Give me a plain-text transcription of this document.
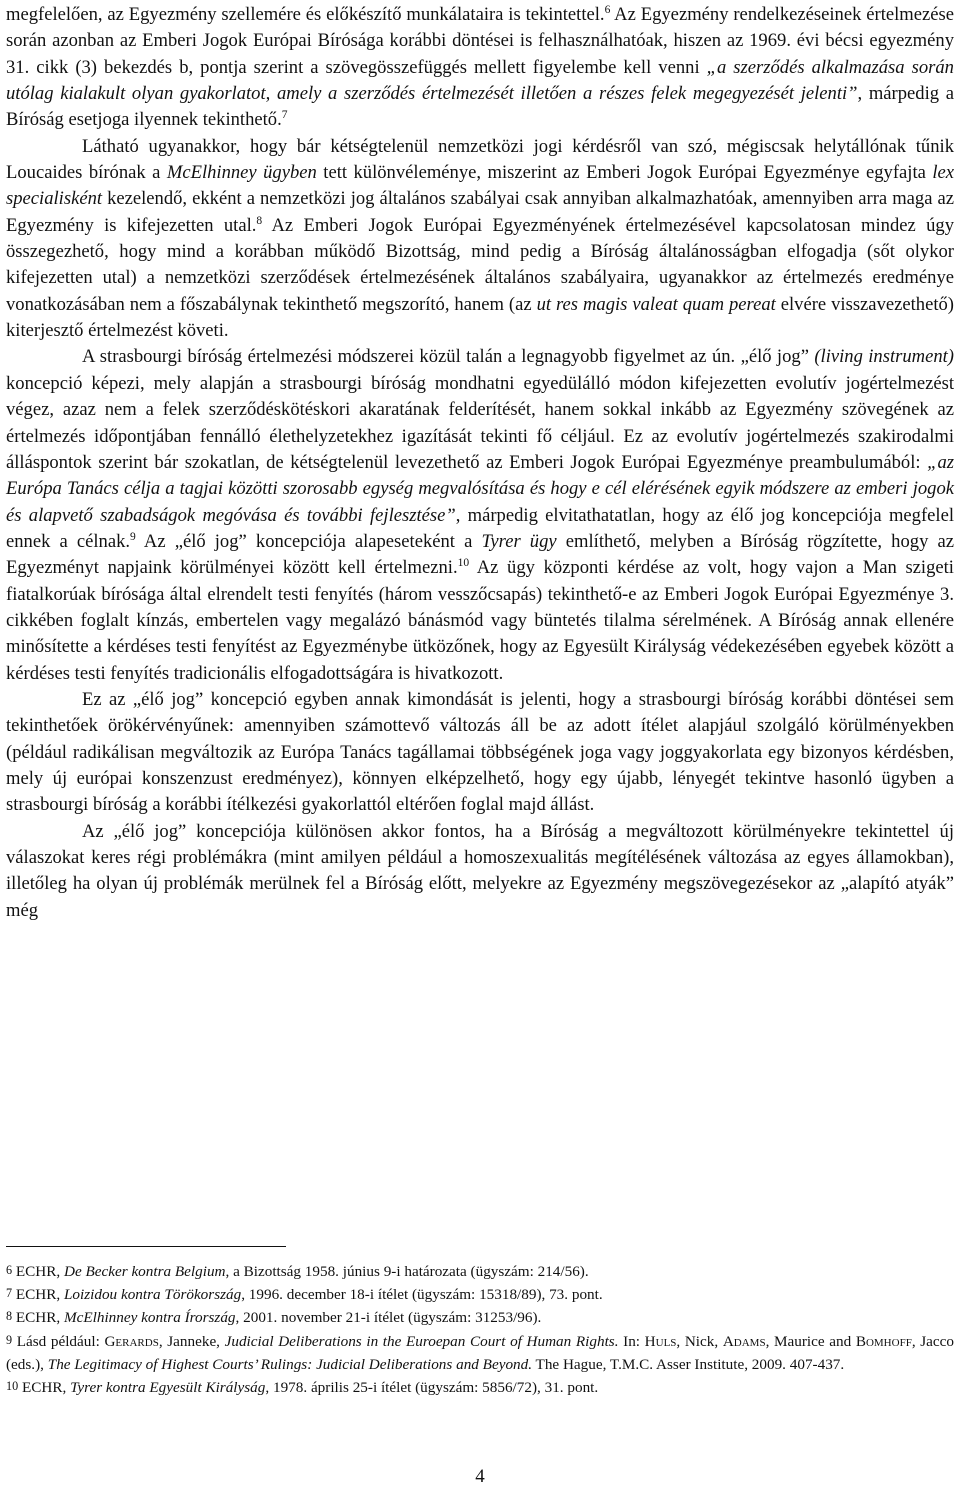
megfelelően, az Egyezmény szellemére és előkészítő munkálataira is tekintettel.$^6$ Az Egyezmény rendelkezéseinek értelmezése során azonban az Emberi Jogok Európai Bírósága korábbi döntései is felhasználhatóak, hiszen az 1969. évi bécsi egyezmény 31. cikk (3) bekezdés b, pontja szerint a szövegösszefüggés mellett figyelembe kell venni „a szerződés alkalmazása során utólag kialakult olyan gyakorlatot, amely a szerződés értelmezését illetően a részes felek megegyezését jelenti”, márpedig a Bíróság esetjoga ilyennek tekinthető.$^7$

Látható ugyanakkor, hogy bár kétségtelenül nemzetközi jogi kérdésről van szó, mégiscsak helytállónak tűnik Loucaides bírónak a McElhinney ügyben tett különvéleménye, miszerint az Emberi Jogok Európai Egyezménye egyfajta lex specialisként kezelendő, ekként a nemzetközi jog általános szabályai csak annyiban alkalmazhatóak, amennyiben arra maga az Egyezmény is kifejezetten utal.$^8$ Az Emberi Jogok Európai Egyezményének értelmezésével kapcsolatosan mindez úgy összegezhető, hogy mind a korábban működő Bizottság, mind pedig a Bíróság általánosságban elfogadja (sőt olykor kifejezetten utal) a nemzetközi szerződések értelmezésének általános szabályaira, ugyanakkor az értelmezés eredménye vonatkozásában nem a főszabálynak tekinthető megszorító, hanem (az ut res magis valeat quam pereat elvére visszavezethető) kiterjesztő értelmezést követi.

A strasbourgi bíróság értelmezési módszerei közül talán a legnagyobb figyelmet az ún. „élő jog” (living instrument) koncepció képezi, mely alapján a strasbourgi bíróság mondhatni egyedülálló módon kifejezetten evolutív jogértelmezést végez, azaz nem a felek szerződéskötéskori akaratának felderítését, hanem sokkal inkább az Egyezmény szövegének az értelmezés időpontjában fennálló élethelyzetekhez igazítását tekinti fő céljául. Ez az evolutív jogértelmezés szakirodalmi álláspontok szerint bár szokatlan, de kétségtelenül levezethető az Emberi Jogok Európai Egyezménye preambulumából: „az Európa Tanács célja a tagjai közötti szorosabb egység megvalósítása és hogy e cél elérésének egyik módszere az emberi jogok és alapvető szabadságok megóvása és további fejlesztése”, márpedig elvitathatatlan, hogy az élő jog koncepciója megfelel ennek a célnak.$^9$ Az „élő jog” koncepciója alapeseteként a Tyrer ügy említhető, melyben a Bíróság rögzítette, hogy az Egyezményt napjaink körülményei között kell értelmezni.$^{10}$ Az ügy központi kérdése az volt, hogy vajon a Man szigeti fiatalkorúak bírósága által elrendelt testi fenyítés (három vesszőcsapás) tekinthető-e az Emberi Jogok Európai Egyezménye 3. cikkében foglalt kínzás, embertelen vagy megalázó bánásmód vagy büntetés tilalma sérelmének. A Bíróság annak ellenére minősítette a kérdéses testi fenyítést az Egyezménybe ütközőnek, hogy az Egyesült Királyság védekezésében egyebek között a kérdéses testi fenyítés tradicionális elfogadottságára is hivatkozott.

Ez az „élő jog” koncepció egyben annak kimondását is jelenti, hogy a strasbourgi bíróság korábbi döntései sem tekinthetőek örökérvényűnek: amennyiben számottevő változás áll be az adott ítélet alapjául szolgáló körülményekben (például radikálisan megváltozik az Európa Tanács tagállamai többségének joga vagy joggyakorlata egy bizonyos kérdésben, mely új európai konszenzust eredményez), könnyen elképzelhető, hogy egy újabb, lényegét tekintve hasonló ügyben a strasbourgi bíróság a korábbi ítélkezési gyakorlattól eltérően foglal majd állást.

Az „élő jog” koncepciója különösen akkor fontos, ha a Bíróság a megváltozott körülményekre tekintettel új válaszokat keres régi problémákra (mint amilyen például a homoszexualitás megítélésének változása az egyes államokban), illetőleg ha olyan új problémák merülnek fel a Bíróság előtt, melyekre az Egyezmény megszövegezésekor az „alapító atyák” még

$^6$ ECHR, De Becker kontra Belgium, a Bizottság 1958. június 9-i határozata (ügyszám: 214/56).

$^7$ ECHR, Loizidou kontra Törökország, 1996. december 18-i ítélet (ügyszám: 15318/89), 73. pont.

$^8$ ECHR, McElhinney kontra Írország, 2001. november 21-i ítélet (ügyszám: 31253/96).

$^9$ Lásd például: Gerards, Janneke, Judicial Deliberations in the Euroepan Court of Human Rights. In: Huls, Nick, Adams, Maurice and Bomhoff, Jacco (eds.), The Legitimacy of Highest Courts’ Rulings: Judicial Deliberations and Beyond. The Hague, T.M.C. Asser Institute, 2009. 407-437.

$^{10}$ ECHR, Tyrer kontra Egyesült Királyság, 1978. április 25-i ítélet (ügyszám: 5856/72), 31. pont.

4
